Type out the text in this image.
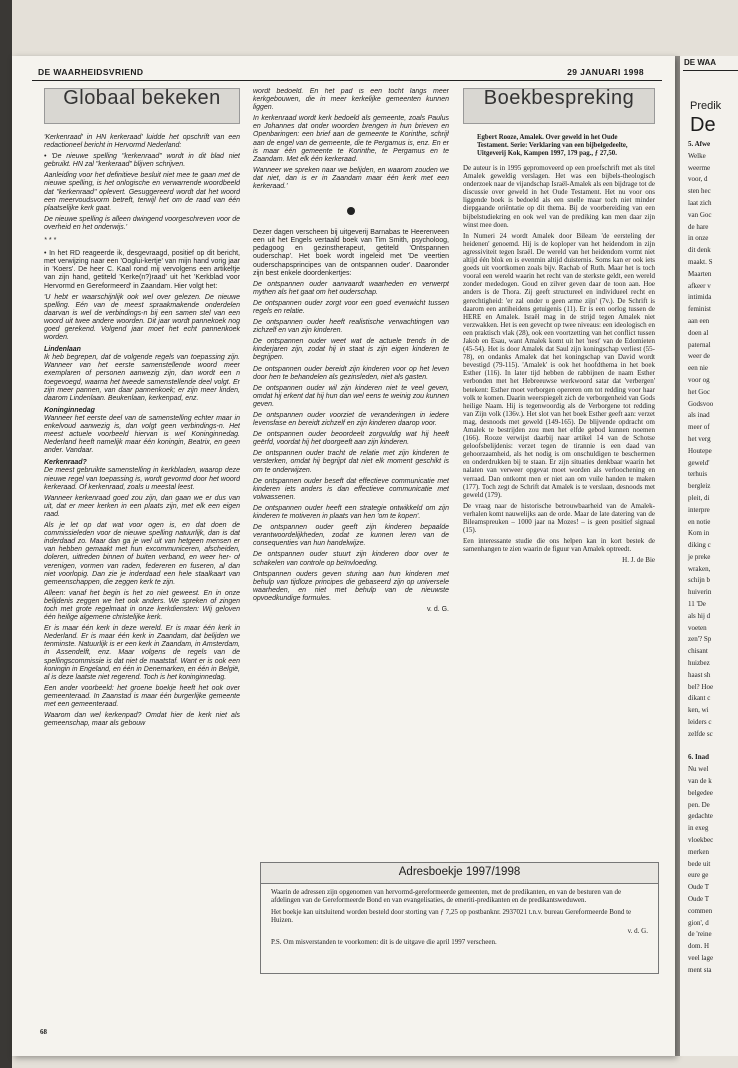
DE WAARHEIDSVRIEND	29 JANUARI 1998
Globaal bekeken

'Kerkenraad' in HN kerkeraad' luidde het opschrift van een redactioneel bericht in Hervormd Nederland:

• 'De nieuwe spelling "kerkenraad" wordt in dit blad niet gebruikt. HN zal "kerkeraad" blijven schrijven.

Aanleiding voor het definitieve besluit niet mee te gaan met de nieuwe spelling, is het onlogische en verwarrende woordbeeld dat "kerkenraad" oplevert. Gesuggereerd wordt dat het woord een meervoudsvorm betreft, terwijl het om de raad van één plaatselijke kerk gaat.

De nieuwe spelling is alleen dwingend voorgeschreven voor de overheid en het onderwijs.'

* * *

• In het RD reageerde ik, desgevraagd, positief op dit bericht, met verwijzing naar een 'Ooglui-kertje' van mijn hand vorig jaar in 'Koers'. De heer C. Kaal rond mij vervolgens een artikeltje van zijn hand, getiteld 'Kerke(n?)raad' uit het 'Kerkblad voor Hervormd en Gereformeerd' in Zaandam. Hier volgt het:

'U hebt er waarschijnlijk ook wel over gelezen. De nieuwe spelling. Eén van de meest spraakmakende onderdelen daarvan is wel de verbindings-n bij een samen stel van een woord uit twee andere woorden. Dit jaar wordt pannekoek nog goed gerekend. Volgend jaar moet het echt pannenkoek worden.

Lindenlaan

Ik heb begrepen, dat de volgende regels van toepassing zijn. Wanneer van het eerste samenstellende woord meer exemplaren of personen aanwezig zijn, dan wordt een n toegevoegd, waarna het tweede samenstellende deel volgt. Er zijn meer pannen, van daar pannenkoek; er zijn meer linden, daarom Lindenlaan. Beukenlaan, kerkenpad, enz.

Koninginnedag

Wanneer het eerste deel van de samenstelling echter maar in enkelvoud aanwezig is, dan volgt geen verbindings-n. Het meest actuele voorbeeld hiervan is wel Koninginnedag. Nederland heeft namelijk maar één koningin, Beatrix, en geen ander. Vandaar.

Kerkenraad?

De meest gebruikte samenstelling in kerkbladen, waarop deze nieuwe regel van toepassing is, wordt gevormd door het woord kerkeraad. Of kerkenraad, zoals u meestal leest.

Wanneer kerkenraad goed zou zijn, dan gaan we er dus van uit, dat er meer kerken in een plaats zijn, met elk een eigen raad.

Als je let op dat wat voor ogen is, en dat doen de commissieleden voor de nieuwe spelling natuurlijk, dan is dat inderdaad zo. Maar dan ga je wel uit van hetgeen mensen er van hebben gemaakt met hun excommuniceren, afscheiden, doleren, uittreden binnen of buiten verband, en weer her- of verenigen, vormen van raden, federeren en fuseren, al dan niet voorlopig. Dan zie je inderdaad een hele staalkaart van gemeenschappen, die zeggen kerk te zijn.

Alleen: vanaf het begin is het zo niet geweest. En in onze belijdenis zeggen we het ook anders. We spreken of zingen toch met grote regelmaat in onze kerkdiensten: Wij geloven één heilige algemene christelijke kerk.

Er is maar één kerk in deze wereld. Er is maar één kerk in Nederland. Er is maar één kerk in Zaandam, dat belijden we tenminste. Natuurlijk is er een kerk in Zaandam, in Amsterdam, in Assendelft, enz. Maar volgens de regels van de spellingscommissie is dat niet de maatstaf. Want er is ook een koningin in Engeland, en één in Denemarken, en één in België, al is deze laatste niet regerend. Toch is het koninginnedag.

Een ander voorbeeld: het groene boekje heeft het ook over gemeenteraad. In Zaanstad is maar één burgerlijke gemeente met een gemeenteraad.

Waarom dan wel kerkenpad? Omdat hier de kerk niet als gemeenschap, maar als gebouw

wordt bedoeld. En het pad is een tocht langs meer kerkgebouwen, die in meer kerkelijke gemeenten kunnen liggen.

In kerkenraad wordt kerk bedoeld als gemeente, zoals Paulus en Johannes dat onder woorden brengen in hun brieven en Openbaringen: een brief aan de gemeente te Korinthe, schrijf aan de engel van de gemeente, die te Pergamus is, enz. En er is maar één gemeente te Korinthe, te Pergamus en te Zaandam. Met elk één kerkeraad.

Wanneer we spreken naar we belijden, en waarom zouden we dat niet, dan is er in Zaandam maar één kerk met een kerkeraad.'

Dezer dagen verscheen bij uitgeverij Barnabas te Heerenveen een uit het Engels vertaald boek van Tim Smith, psycholoog, pedagoog en gezinstherapeut, getiteld 'Ontspannen ouderschap'. Het boek wordt ingeleid met 'De veertien ouderschapsprincipes van de ontspannen ouder'. Daaronder zijn best enkele doordenkertjes:

De ontspannen ouder aanvaardt waarheden en verwerpt mythen als het gaat om het ouderschap.

De ontspannen ouder zorgt voor een goed evenwicht tussen regels en relatie.

De ontspannen ouder heeft realistische verwachtingen van zichzelf en van zijn kinderen.

De ontspannen ouder weet wat de actuele trends in de kinderjaren zijn, zodat hij in staat is zijn eigen kinderen te begrijpen.

De ontspannen ouder bereidt zijn kinderen voor op het leven door hen te behandelen als gezinsleden, niet als gasten.

De ontspannen ouder wil zijn kinderen niet te veel geven, omdat hij erkent dat hij hun dan wel eens te weinig zou kunnen geven.

De ontspannen ouder voorziet de veranderingen in iedere levensfase en bereidt zichzelf en zijn kinderen daarop voor.

De ontspannen ouder beoordeelt zorgvuldig wat hij heeft geërfd, voordat hij het doorgeeft aan zijn kinderen.

De ontspannen ouder tracht de relatie met zijn kinderen te versterken, omdat hij begrijpt dat niet elk moment geschikt is om te onderwijzen.

De ontspannen ouder beseft dat effectieve communicatie met kinderen iets anders is dan effectieve communicatie met volwassenen.

De ontspannen ouder heeft een strategie ontwikkeld om zijn kinderen te motiveren in plaats van hen 'om te kopen'.

De ontspannen ouder geeft zijn kinderen bepaalde verantwoordelijkheden, zodat ze kunnen leren van de consequenties van hun handelwijze.

De ontspannen ouder stuurt zijn kinderen door over te schakelen van controle op beïnvloeding.

Ontspannen ouders geven sturing aan hun kinderen met behulp van tijdloze principes die gebaseerd zijn op universele waarheden, en niet met behulp van de nieuwste opvoedkundige formules.

v. d. G.

Boekbespreking

Egbert Rooze, Amalek. Over geweld in het Oude Testament. Serie: Verklaring van een bijbelgedeelte, Uitgeverij Kok, Kampen 1997, 179 pag., ƒ 27,50.

De auteur is in 1995 gepromoveerd op een proefschrift met als titel Amalek geweldig verslagen. Het was een bijbels-theologisch onderzoek naar de vijandschap Israël-Amalek als een bijdrage tot de discussie over geweld in het Oude Testament. Het nu voor ons liggende boek is bedoeld als een snelle maar toch niet minder diepgaande oriëntatie op dit thema. Bij de voorbereiding van een bijbelstudiekring en ook wel van de prediking kan men daar zijn winst mee doen.

In Numeri 24 wordt Amalek door Bileam 'de eersteling der heidenen' genoemd. Hij is de koploper van het heidendom in zijn agressiviteit tegen Israël. De wereld van het heidendom vormt niet altijd één blok en is evenmin altijd duisternis. Soms kan er ook iets goeds uit voortkomen zoals bijv. Rachab of Ruth. Maar het is toch vooral een wereld waarin het recht van de sterkste geldt, een wereld zonder mededogen. Goud en zilver geven daar de toon aan. Hoe anders is de Thora. Zij geeft structureel en individueel recht en gerechtigheid: 'er zal onder u geen arme zijn' (7v.). De Schrift is daarom een antiheidens getuigenis (11). Er is een oorlog tussen de HERE en Amalek. Israël mag in de strijd tegen Amalek niet verzwakken. Het is een gevecht op twee niveaus: een ideologisch en een praktisch vlak (28), ook een voortzetting van het conflict tussen Jakob en Esau, want Amalek komt uit het 'nest' van de Edomieten (45-54). Het is door Amalek dat Saul zijn koningschap verliest (55-78), en ondanks Amalek dat het koningschap van David wordt bevestigd (79-115). 'Amalek' is ook het hoofdthema in het boek Esther (116). In later tijd hebben de rabbijnen de naam Esther verbonden met het Hebreeuwse werkwoord satar dat 'verbergen' betekent: Esther moet verborgen opereren om tot redding voor haar volk te komen. Daarin weerspiegelt zich de verborgenheid van Gods heilige Naam. Hij is tegenwoordig als de Verborgene tot redding van Zijn volk (136v.). Het slot van het boek Esther geeft aan: verzet mag, desnoods met geweld (149-165). De blijvende opdracht om Amalek te bestrijden zou men het elfde gebod kunnen noemen (166). Rooze verwijst daarbij naar artikel 14 van de Schotse geloofsbelijdenis: verzet tegen de tirannie is een daad van gehoorzaamheid, als het nodig is om onschuldigen te beschermen en onderdrukken bij te staan. Er zijn situaties denkbaar waarin het nalaten van verweer opgevat moet worden als verloochening en verraad. Dan ontkomt men er niet aan om vuile handen te maken (177). Toch zegt de Schrift dat Amalek is te verslaan, desnoods met geweld (179).

De vraag naar de historische betrouwbaarheid van de Amalek-verhalen komt nauwelijks aan de orde. Maar de late datering van de Bileamspreuken – 1000 jaar na Mozes! – is geen positief signaal (15).

Een interessante studie die ons helpen kan in kort bestek de samenhangen te zien waarin de figuur van Amalek optreedt.

H. J. de Bie

Adresboekje 1997/1998

Waarin de adressen zijn opgenomen van hervormd-gereformeerde gemeenten, met de predikanten, en van de besturen van de afdelingen van de Gereformeerde Bond en van evangelisaties, de emeriti-predikanten en de predikantsweduwen.

Het boekje kan uitsluitend worden besteld door storting van ƒ 7,25 op postbanknr. 2937021 t.n.v. bureau Gereformeerde Bond te Huizen.

v. d. G.

P.S. Om misverstanden te voorkomen: dit is de uitgave die april 1997 verscheen.

68
DE WAA
Predik
De
5. Afwe
Welke
weerme
voor, d
sten hec
laat zich
van Goc
de hare
in onze
dit denk
maakt. S
Maarten
afkeer v
intimida
feminist
aan een
doen al
paternal
weer de
een nie
voor og
het Goc
Godsvoo
als inad
meer of
het verg
Houtepe
geweld'
terhuis
bergleiz
pleit, di
interpre
en notie
Kom in
diking c
je preke
wraken,
schijn b
huiverin
11 'De
als hij d
voeten
zen'? Sp
chisant
huizbez
haast sh
bel? Hoe
dikant c
ken, wi
leiders c
zelfde sc
6. Inad
Nu wel
van de k
belgedee
pen. De
gedachte
in exeg
vloekbec
merken
bede uit
eure ge
Oude T
Oude T
commen
gion', d
de 'reine
dom. H
veel lage
ment sta
